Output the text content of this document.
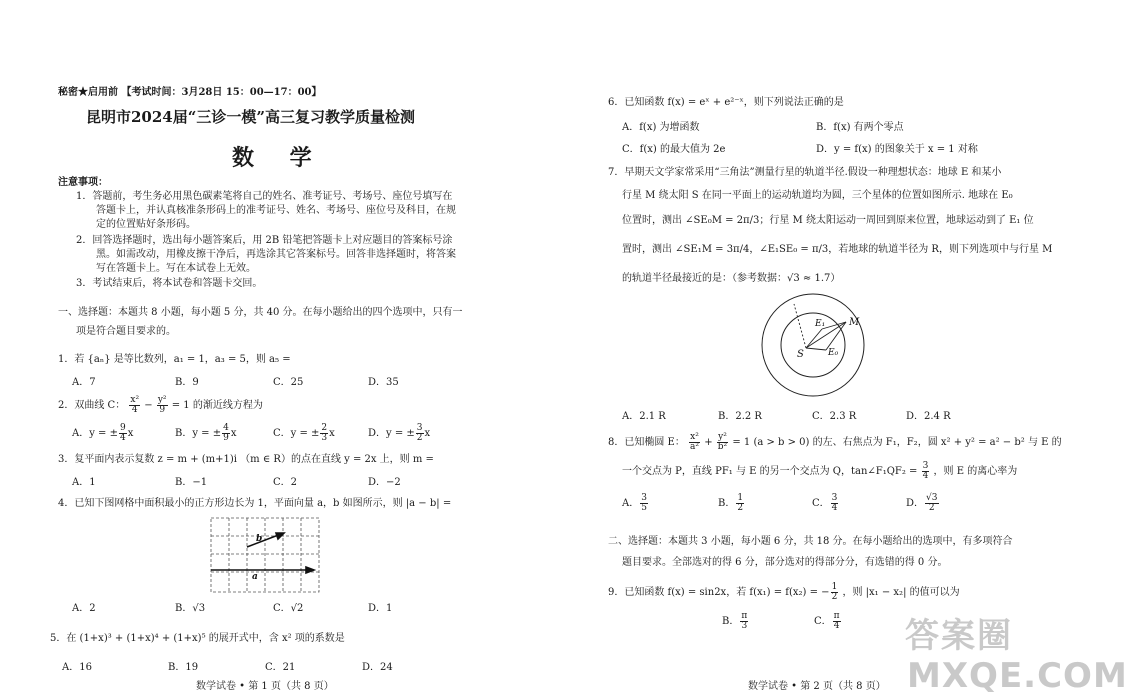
秘密★启用前 【考试时间：3月28日 15：00—17：00】
昆明市2024届“三诊一模”高三复习教学质量检测
数 学
注意事项：
1．答题前，考生务必用黑色碳素笔将自己的姓名、准考证号、考场号、座位号填写在
答题卡上，并认真核准条形码上的准考证号、姓名、考场号、座位号及科目，在规
定的位置贴好条形码。
2．回答选择题时，选出每小题答案后，用 2B 铅笔把答题卡上对应题目的答案标号涂
黑。如需改动，用橡皮擦干净后，再选涂其它答案标号。回答非选择题时，将答案
写在答题卡上。写在本试卷上无效。
3．考试结束后，将本试卷和答题卡交回。
一、选择题：本题共 8 小题，每小题 5 分，共 40 分。在每小题给出的四个选项中，只有一
项是符合题目要求的。
1．若 {aₙ} 是等比数列，a₁ = 1，a₃ = 5，则 a₅ =
A．7	B．9	C．25	D．35
2．双曲线 C： $\frac{\text{x²}}{4} - \frac{\text{y²}}{9} = 1$ 的渐近线方程为
A．y = ± $\frac{9}{4}$ x	B．y = ± $\frac{4}{9}$ x	C．y = ± $\frac{2}{3}$ x	D．y = ± $\frac{3}{2}$ x
3．复平面内表示复数 z = m + (m+1)i （m ∈ R）的点在直线 y = 2x 上，则 m =
A．1	B．−1	C．2	D．−2
4．已知下图网格中面积最小的正方形边长为 1，平面向量 a，b 如图所示，则 |a − b| =
a
b
A．2	B．√3	C．√2	D．1
5．在 (1+x)³ + (1+x)⁴ + (1+x)⁵ 的展开式中，含 x² 项的系数是
A．16	B．19	C．21	D．24
数学试卷 • 第 1 页（共 8 页）
6．已知函数 f(x) = eˣ + e²⁻ˣ，则下列说法正确的是
A．f(x) 为增函数	B．f(x) 有两个零点
C．f(x) 的最大值为 2e	D．y = f(x) 的图象关于 x = 1 对称
7．早期天文学家常采用“三角法”测量行星的轨道半径.假设一种理想状态：地球 E 和某小
行星 M 绕太阳 S 在同一平面上的运动轨道均为圆，三个星体的位置如图所示. 地球在 E₀
位置时，测出 ∠SE₀M = 2π/3；行星 M 绕太阳运动一周回到原来位置，地球运动到了 E₁ 位
置时，测出 ∠SE₁M = 3π/4，∠E₁SE₀ = π/3，若地球的轨道半径为 R，则下列选项中与行星 M
的轨道半径最接近的是：（参考数据：√3 ≈ 1.7）
S
M
E₁
E₀
A．2.1 R	B．2.2 R	C．2.3 R	D．2.4 R
8．已知椭圆 E： $\frac{\text{x²}}{\text{a²}} + \frac{\text{y²}}{\text{b²}} = 1$ (a > b > 0) 的左、右焦点为 F₁，F₂，圆 x² + y² = a² − b² 与 E 的
一个交点为 P，直线 PF₁ 与 E 的另一个交点为 Q，tan∠F₁QF₂ = $\frac{3}{4}$ ，则 E 的离心率为
A． $\frac{3}{5}$	B． $\frac{1}{2}$	C． $\frac{3}{4}$	D． $\frac{√3}{2}$
二、选择题：本题共 3 小题，每小题 6 分，共 18 分。在每小题给出的选项中，有多项符合
题目要求。全部选对的得 6 分，部分选对的得部分分，有选错的得 0 分。
9．已知函数 f(x) = sin2x，若 f(x₁) = f(x₂) = − $\frac{1}{2}$ ，则 |x₁ − x₂| 的值可以为
B． $\frac{\pi}{3}$	C． $\frac{\pi}{4}$
数学试卷 • 第 2 页（共 8 页）
答案圈
MXQE.COM
